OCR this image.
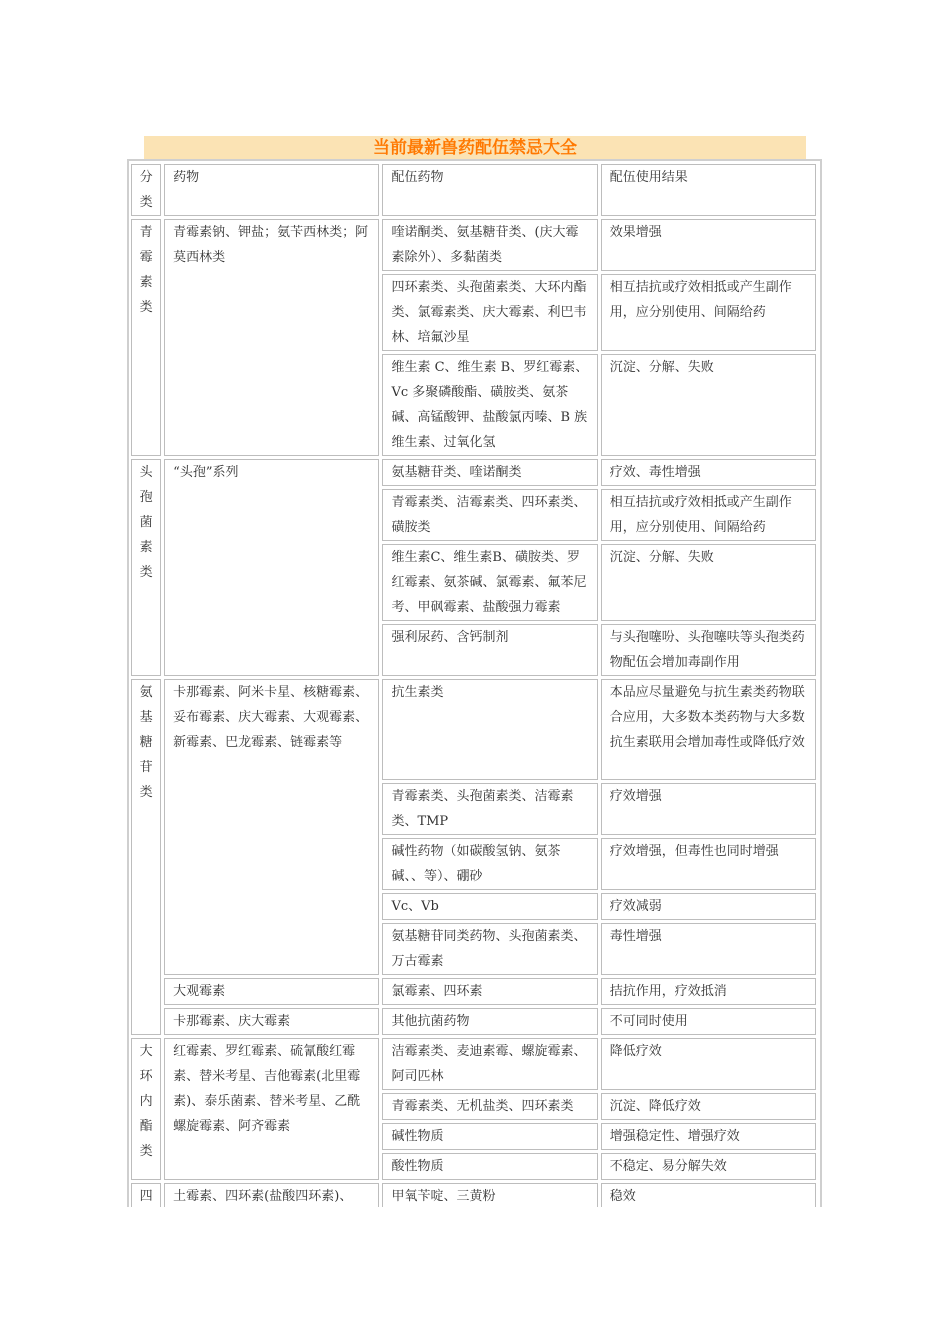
当前最新兽药配伍禁忌大全
分
类	药物	配伍药物	配伍使用结果

青
霉
素
类	青霉素钠、钾盐；氨苄西林类；阿莫西林类	喹诺酮类、氨基糖苷类、(庆大霉素除外）、多黏菌类	效果增强
		四环素类、头孢菌素类、大环内酯类、氯霉素类、庆大霉素、利巴韦林、培氟沙星	相互拮抗或疗效相抵或产生副作用，应分别使用、间隔给药
		维生素 C、维生素 B、罗红霉素、Vc 多聚磷酸酯、磺胺类、氨茶碱、高锰酸钾、盐酸氯丙嗪、B 族维生素、过氧化氢	沉淀、分解、失败

头
孢
菌
素
类	“头孢”系列	氨基糖苷类、喹诺酮类	疗效、毒性增强
		青霉素类、洁霉素类、四环素类、磺胺类	相互拮抗或疗效相抵或产生副作用，应分别使用、间隔给药
		维生素C、维生素B、磺胺类、罗红霉素、氨茶碱、氯霉素、氟苯尼考、甲砜霉素、盐酸强力霉素	沉淀、分解、失败
		强利尿药、含钙制剂	与头孢噻吩、头孢噻呋等头孢类药物配伍会增加毒副作用

氨
基
糖
苷
类	卡那霉素、阿米卡星、核糖霉素、妥布霉素、庆大霉素、大观霉素、新霉素、巴龙霉素、链霉素等	抗生素类	本品应尽量避免与抗生素类药物联合应用，大多数本类药物与大多数抗生素联用会增加毒性或降低疗效
		青霉素类、头孢菌素类、洁霉素类、TMP	疗效增强
		碱性药物（如碳酸氢钠、氨茶碱、、等）、硼砂	疗效增强，但毒性也同时增强
		Vc、Vb	疗效减弱
		氨基糖苷同类药物、头孢菌素类、万古霉素	毒性增强
	大观霉素	氯霉素、四环素	拮抗作用，疗效抵消
	卡那霉素、庆大霉素	其他抗菌药物	不可同时使用

大
环
内
酯
类	红霉素、罗红霉素、硫氰酸红霉素、替米考星、吉他霉素(北里霉素)、泰乐菌素、替米考星、乙酰螺旋霉素、阿齐霉素	洁霉素类、麦迪素霉、螺旋霉素、阿司匹林	降低疗效
		青霉素类、无机盐类、四环素类	沉淀、降低疗效
		碱性物质	增强稳定性、增强疗效
		酸性物质	不稳定、易分解失效

四	土霉素、四环素(盐酸四环素)、	甲氧苄啶、三黄粉	稳效
